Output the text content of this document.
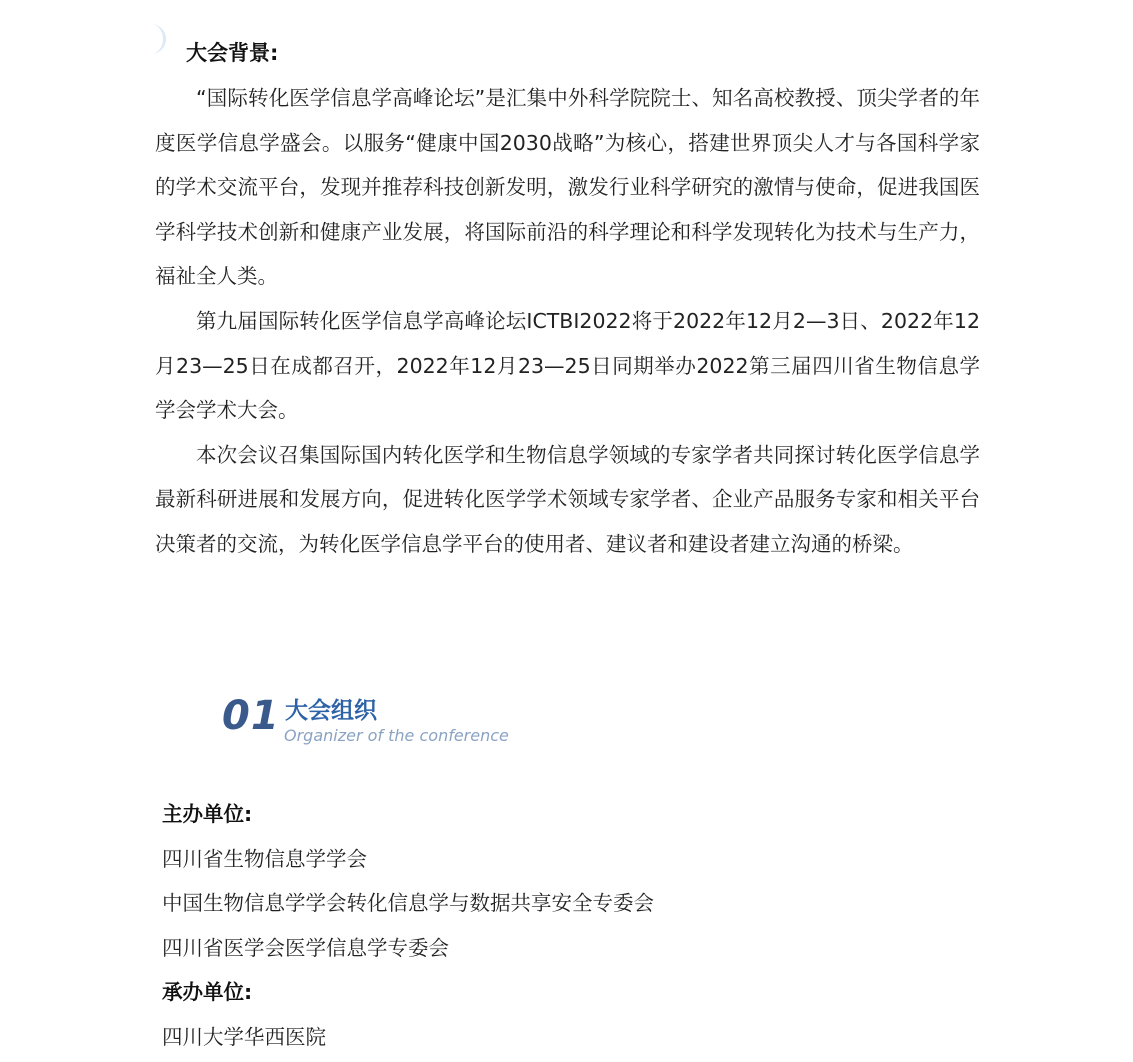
大会背景:

“国际转化医学信息学高峰论坛”是汇集中外科学院院士、知名高校教授、顶尖学者的年度医学信息学盛会。以服务“健康中国2030战略”为核心，搭建世界顶尖人才与各国科学家的学术交流平台，发现并推荐科技创新发明，激发行业科学研究的激情与使命，促进我国医学科学技术创新和健康产业发展，将国际前沿的科学理论和科学发现转化为技术与生产力，福祉全人类。

第九届国际转化医学信息学高峰论坛ICTBI2022将于2022年12月2—3日、2022年12月23—25日在成都召开，2022年12月23—25日同期举办2022第三届四川省生物信息学学会学术大会。

本次会议召集国际国内转化医学和生物信息学领域的专家学者共同探讨转化医学信息学最新科研进展和发展方向，促进转化医学学术领域专家学者、企业产品服务专家和相关平台决策者的交流，为转化医学信息学平台的使用者、建议者和建设者建立沟通的桥梁。

01 大会组织
Organizer of the conference
主办单位:
四川省生物信息学学会
中国生物信息学学会转化信息学与数据共享安全专委会
四川省医学会医学信息学专委会
承办单位:
四川大学华西医院
